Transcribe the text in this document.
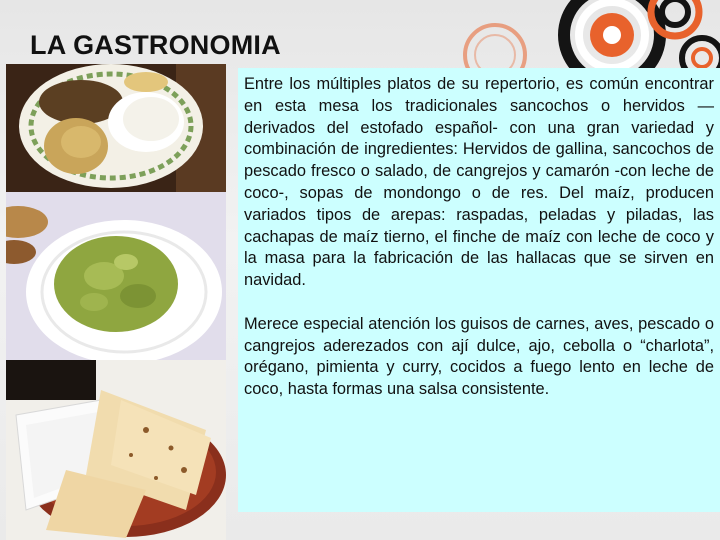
LA GASTRONOMIA

Entre los múltiples platos de su repertorio, es común encontrar en esta mesa los tradicionales sancochos o hervidos —derivados del estofado español- con una gran variedad y combinación de ingredientes: Hervidos de gallina, sancochos de pescado fresco o salado, de cangrejos y camarón -con leche de coco-, sopas de mondongo o de res. Del maíz, producen variados tipos de arepas: raspadas, peladas y piladas, las cachapas de maíz tierno, el finche de maíz con leche de coco y la masa para la fabricación de las hallacas que se sirven en navidad.

Merece especial atención los guisos de carnes, aves, pescado o cangrejos aderezados con ají dulce, ajo, cebolla o “charlota”, orégano, pimienta y curry, cocidos a fuego lento en leche de coco, hasta formas una salsa consistente.
